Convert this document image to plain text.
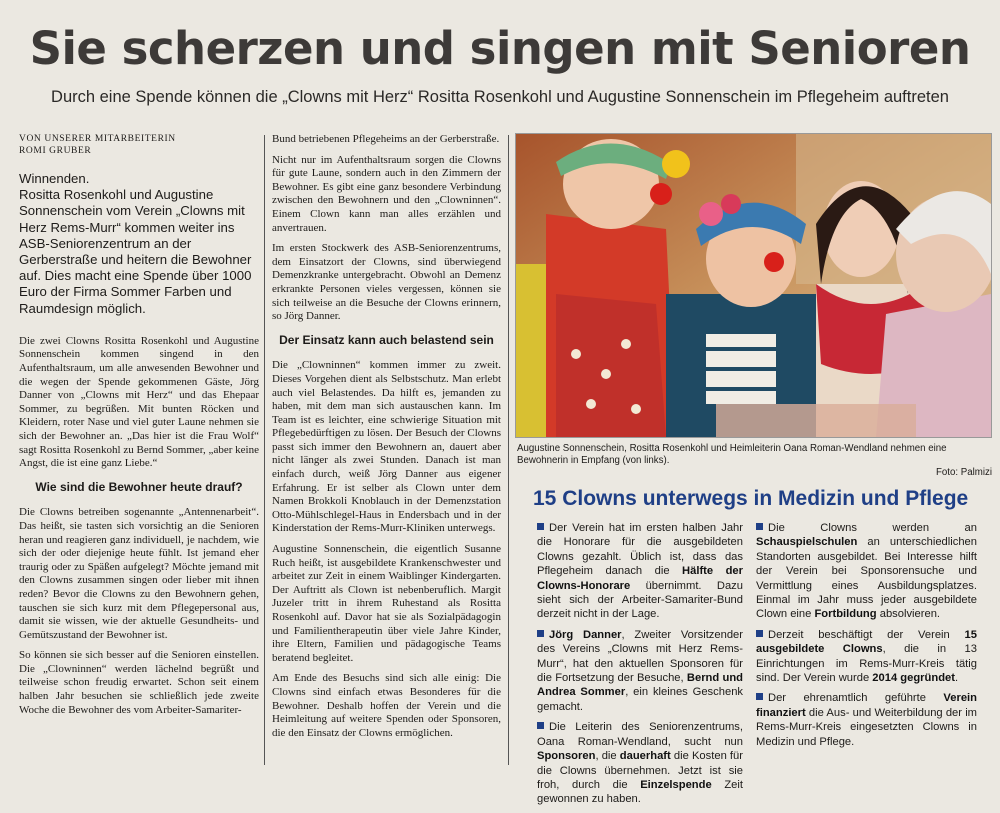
Sie scherzen und singen mit Senioren
Durch eine Spende können die „Clowns mit Herz“ Rositta Rosenkohl und Augustine Sonnenschein im Pflegeheim auftreten
VON UNSERER MITARBEITERIN
ROMI GRUBER

Winnenden.

Rositta Rosenkohl und Augustine Sonnenschein vom Verein „Clowns mit Herz Rems-Murr“ kommen weiter ins ASB-Seniorenzentrum an der Gerberstraße und heitern die Bewohner auf. Dies macht eine Spende über 1000 Euro der Firma Sommer Farben und Raumdesign möglich.

Die zwei Clowns Rositta Rosenkohl und Augustine Sonnenschein kommen singend in den Aufenthaltsraum, um alle anwesenden Bewohner und die wegen der Spende gekommenen Gäste, Jörg Danner von „Clowns mit Herz“ und das Ehepaar Sommer, zu begrüßen. Mit bunten Röcken und Kleidern, roter Nase und viel guter Laune nehmen sie sich der Bewohner an. „Das hier ist die Frau Wolf“ sagt Rositta Rosenkohl zu Bernd Sommer, „aber keine Angst, die ist eine ganz Liebe.“

Wie sind die Bewohner heute drauf?

Die Clowns betreiben sogenannte „Antennenarbeit“. Das heißt, sie tasten sich vorsichtig an die Senioren heran und reagieren ganz individuell, je nachdem, wie sich der oder diejenige heute fühlt. Ist jemand eher traurig oder zu Späßen aufgelegt? Möchte jemand mit den Clowns zusammen singen oder lieber mit ihnen reden? Bevor die Clowns zu den Bewohnern gehen, tauschen sie sich kurz mit dem Pflegepersonal aus, damit sie wissen, wie der aktuelle Gesundheits- und Gemütszustand der Bewohner ist.

So können sie sich besser auf die Senioren einstellen. Die „Clowninnen“ werden lächelnd begrüßt und teilweise schon freudig erwartet. Schon seit einem halben Jahr besuchen sie schließlich jede zweite Woche die Bewohner des vom Arbeiter-Samariter-

Bund betriebenen Pflegeheims an der Gerberstraße.

Nicht nur im Aufenthaltsraum sorgen die Clowns für gute Laune, sondern auch in den Zimmern der Bewohner. Es gibt eine ganz besondere Verbindung zwischen den Bewohnern und den „Clowninnen“. Einem Clown kann man alles erzählen und anvertrauen.

Im ersten Stockwerk des ASB-Seniorenzentrums, dem Einsatzort der Clowns, sind überwiegend Demenzkranke untergebracht. Obwohl an Demenz erkrankte Personen vieles vergessen, können sie sich teilweise an die Besuche der Clowns erinnern, so Jörg Danner.

Der Einsatz kann auch belastend sein

Die „Clowninnen“ kommen immer zu zweit. Dieses Vorgehen dient als Selbstschutz. Man erlebt auch viel Belastendes. Da hilft es, jemanden zu haben, mit dem man sich austauschen kann. Im Team ist es leichter, eine schwierige Situation mit Pflegebedürftigen zu lösen. Der Besuch der Clowns passt sich immer den Bewohnern an, dauert aber nicht länger als zwei Stunden. Danach ist man einfach durch, weiß Jörg Danner aus eigener Erfahrung. Er ist selber als Clown unter dem Namen Brokkoli Knoblauch in der Demenzstation Otto-Mühlschlegel-Haus in Endersbach und in der Kinderstation der Rems-Murr-Kliniken unterwegs.

Augustine Sonnenschein, die eigentlich Susanne Ruch heißt, ist ausgebildete Krankenschwester und arbeitet zur Zeit in einem Waiblinger Kindergarten. Der Auftritt als Clown ist nebenberuflich. Margit Juzeler tritt in ihrem Ruhestand als Rositta Rosenkohl auf. Davor hat sie als Sozialpädagogin und Familientherapeutin über viele Jahre Kinder, ihre Eltern, Familien und pädagogische Teams beratend begleitet.

Am Ende des Besuchs sind sich alle einig: Die Clowns sind einfach etwas Besonderes für die Bewohner. Deshalb hoffen der Verein und die Heimleitung auf weitere Spenden oder Sponsoren, die den Einsatz der Clowns ermöglichen.

Augustine Sonnenschein, Rositta Rosenkohl und Heimleiterin Oana Roman-Wendland nehmen eine Bewohnerin in Empfang (von links).
Foto: Palmizi
15 Clowns unterwegs in Medizin und Pflege

Der Verein hat im ersten halben Jahr die Honorare für die ausgebildeten Clowns gezahlt. Üblich ist, dass das Pflegeheim danach die Hälfte der Clowns-Honorare übernimmt. Dazu sieht sich der Arbeiter-Samariter-Bund derzeit nicht in der Lage.

Jörg Danner, Zweiter Vorsitzender des Vereins „Clowns mit Herz Rems-Murr“, hat den aktuellen Sponsoren für die Fortsetzung der Besuche, Bernd und Andrea Sommer, ein kleines Geschenk gemacht.

Die Leiterin des Seniorenzentrums, Oana Roman-Wendland, sucht nun Sponsoren, die dauerhaft die Kosten für die Clowns übernehmen. Jetzt ist sie froh, durch die Einzelspende Zeit gewonnen zu haben.

Die Clowns werden an Schauspielschulen an unterschiedlichen Standorten ausgebildet. Bei Interesse hilft der Verein bei Sponsorensuche und Vermittlung eines Ausbildungsplatzes. Einmal im Jahr muss jeder ausgebildete Clown eine Fortbildung absolvieren.

Derzeit beschäftigt der Verein 15 ausgebildete Clowns, die in 13 Einrichtungen im Rems-Murr-Kreis tätig sind. Der Verein wurde 2014 gegründet.

Der ehrenamtlich geführte Verein finanziert die Aus- und Weiterbildung der im Rems-Murr-Kreis eingesetzten Clowns in Medizin und Pflege.
